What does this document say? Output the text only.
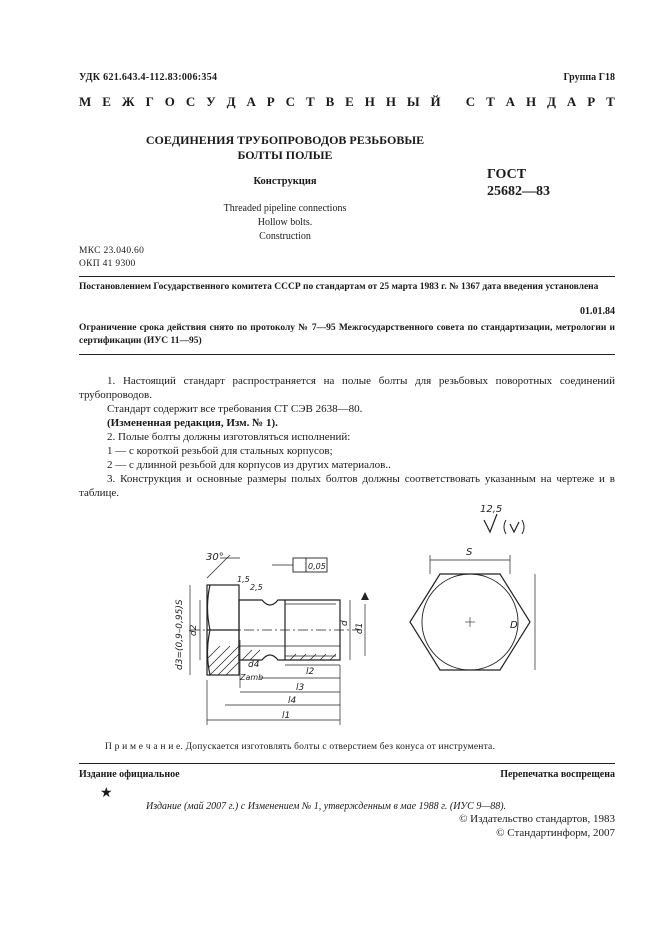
УДК 621.643.4-112.83:006:354	Группа Г18
М Е Ж Г О С У Д А Р С Т В Е Н Н Ы Й
С Т А Н Д А Р Т
СОЕДИНЕНИЯ ТРУБОПРОВОДОВ РЕЗЬБОВЫЕ
БОЛТЫ ПОЛЫЕ
Конструкция	ГОСТ
25682—83
Threaded pipeline connections
Hollow bolts.
Construction
МКС 23.040.60
ОКП 41 9300
Постановлением Государственного комитета СССР по стандартам от 25 марта 1983 г. № 1367 дата введения установлена
01.01.84
Ограничение срока действия снято по протоколу № 7—95 Межгосударственного совета по стандартизации, метрологии и сертификации (ИУС 11—95)
1. Настоящий стандарт распространяется на полые болты для резьбовых поворотных соединений трубопроводов.
Стандарт содержит все требования СТ СЭВ 2638—80.
(Измененная редакция, Изм. № 1).
2. Полые болты должны изготовляться исполнений:
1 — с короткой резьбой для стальных корпусов;
2 — с длинной резьбой для корпусов из других материалов..
3. Конструкция и основные размеры полых болтов должны соответствовать указанным на чертеже и в таблице.
12,5
30°
0,05
2,5
1,5
d3=(0,9–0,95)S d2
d d1
d4
Zamb
l2
l3
l4
l1
S
D
П р и м е ч а н и е. Допускается изготовлять болты с отверстием без конуса от инструмента.
Издание официальное	Перепечатка воспрещена
★
Издание (май 2007 г.) с Изменением № 1, утвержденным в мае 1988 г. (ИУС 9—88).
© Издательство стандартов, 1983
© Стандартинформ, 2007
